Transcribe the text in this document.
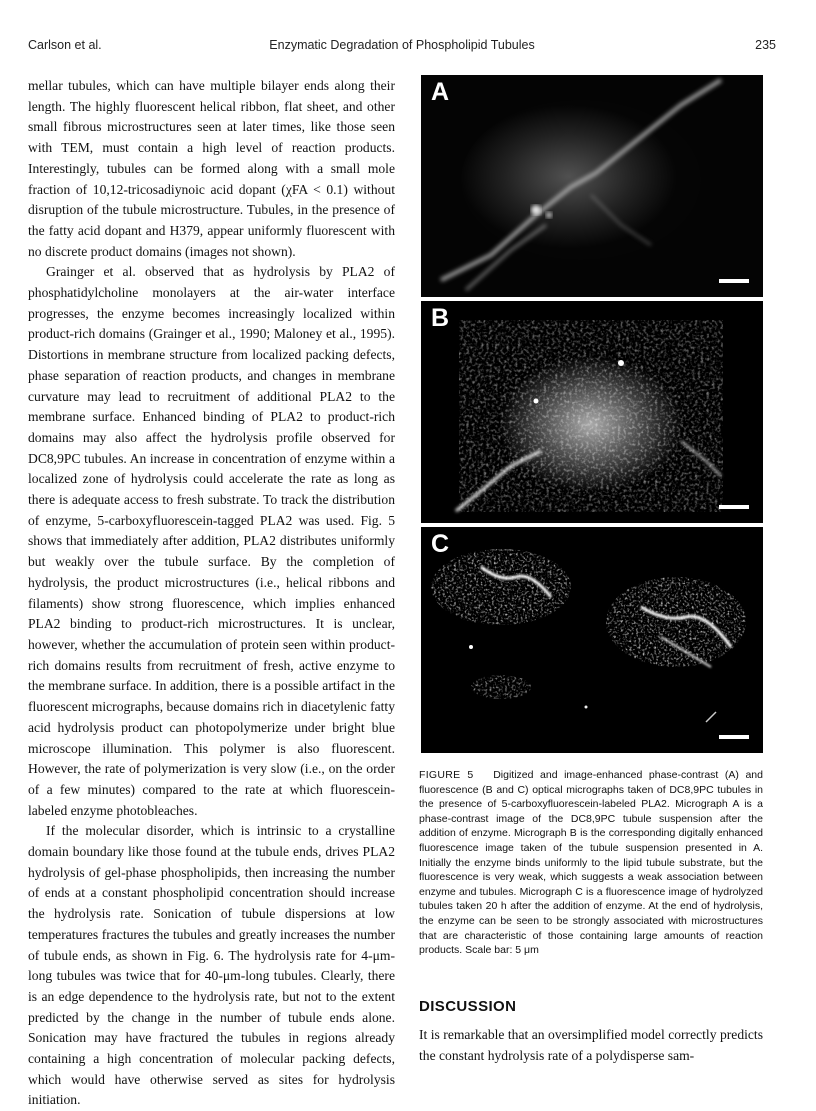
Carlson et al.	Enzymatic Degradation of Phospholipid Tubules	235

mellar tubules, which can have multiple bilayer ends along their length. The highly fluorescent helical ribbon, flat sheet, and other small fibrous microstructures seen at later times, like those seen with TEM, must contain a high level of reaction products. Interestingly, tubules can be formed along with a small mole fraction of 10,12-tricosadiynoic acid dopant (χFA < 0.1) without disruption of the tubule microstructure. Tubules, in the presence of the fatty acid dopant and H379, appear uniformly fluorescent with no discrete product domains (images not shown).

Grainger et al. observed that as hydrolysis by PLA2 of phosphatidylcholine monolayers at the air-water interface progresses, the enzyme becomes increasingly localized within product-rich domains (Grainger et al., 1990; Maloney et al., 1995). Distortions in membrane structure from localized packing defects, phase separation of reaction products, and changes in membrane curvature may lead to recruitment of additional PLA2 to the membrane surface. Enhanced binding of PLA2 to product-rich domains may also affect the hydrolysis profile observed for DC8,9PC tubules. An increase in concentration of enzyme within a localized zone of hydrolysis could accelerate the rate as long as there is adequate access to fresh substrate. To track the distribution of enzyme, 5-carboxyfluorescein-tagged PLA2 was used. Fig. 5 shows that immediately after addition, PLA2 distributes uniformly but weakly over the tubule surface. By the completion of hydrolysis, the product microstructures (i.e., helical ribbons and filaments) show strong fluorescence, which implies enhanced PLA2 binding to product-rich microstructures. It is unclear, however, whether the accumulation of protein seen within product-rich domains results from recruitment of fresh, active enzyme to the membrane surface. In addition, there is a possible artifact in the fluorescent micrographs, because domains rich in diacetylenic fatty acid hydrolysis product can photopolymerize under bright blue microscope illumination. This polymer is also fluorescent. However, the rate of polymerization is very slow (i.e., on the order of a few minutes) compared to the rate at which fluorescein-labeled enzyme photobleaches.

If the molecular disorder, which is intrinsic to a crystalline domain boundary like those found at the tubule ends, drives PLA2 hydrolysis of gel-phase phospholipids, then increasing the number of ends at a constant phospholipid concentration should increase the hydrolysis rate. Sonication of tubule dispersions at low temperatures fractures the tubules and greatly increases the number of tubule ends, as shown in Fig. 6. The hydrolysis rate for 4-μm-long tubules was twice that for 40-μm-long tubules. Clearly, there is an edge dependence to the hydrolysis rate, but not to the extent predicted by the change in the number of tubule ends alone. Sonication may have fractured the tubules in regions already containing a high concentration of molecular packing defects, which would have otherwise served as sites for hydrolysis initiation.

A
B
C
FIGURE 5 Digitized and image-enhanced phase-contrast (A) and fluorescence (B and C) optical micrographs taken of DC8,9PC tubules in the presence of 5-carboxyfluorescein-labeled PLA2. Micrograph A is a phase-contrast image of the DC8,9PC tubule suspension after the addition of enzyme. Micrograph B is the corresponding digitally enhanced fluorescence image taken of the tubule suspension presented in A. Initially the enzyme binds uniformly to the lipid tubule substrate, but the fluorescence is very weak, which suggests a weak association between enzyme and tubules. Micrograph C is a fluorescence image of hydrolyzed tubules taken 20 h after the addition of enzyme. At the end of hydrolysis, the enzyme can be seen to be strongly associated with microstructures that are characteristic of those containing large amounts of reaction products. Scale bar: 5 μm
DISCUSSION
It is remarkable that an oversimplified model correctly predicts the constant hydrolysis rate of a polydisperse sam-
